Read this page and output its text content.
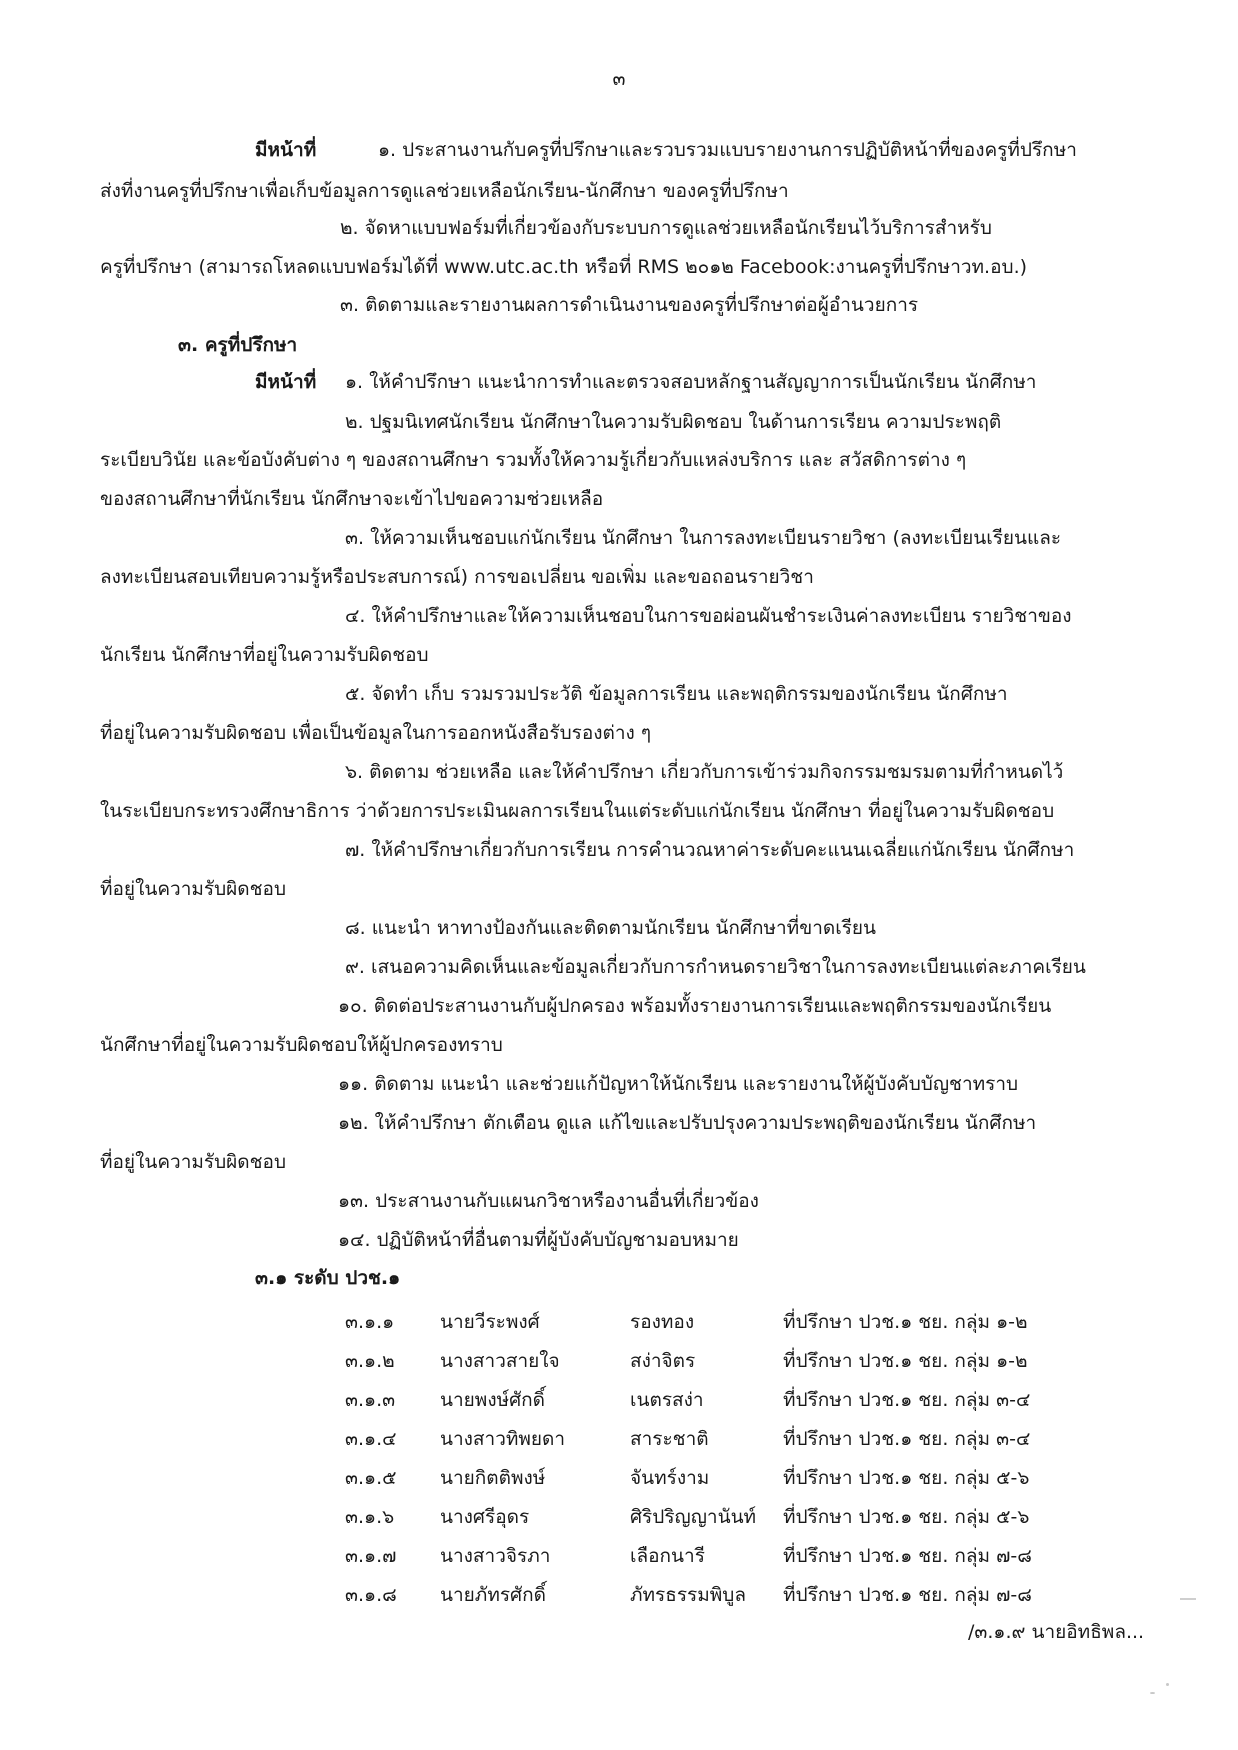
๓
มีหน้าที่	๑. ประสานงานกับครูที่ปรึกษาและรวบรวมแบบรายงานการปฏิบัติหน้าที่ของครูที่ปรึกษา
ส่งที่งานครูที่ปรึกษาเพื่อเก็บข้อมูลการดูแลช่วยเหลือนักเรียน-นักศึกษา ของครูที่ปรึกษา
๒. จัดหาแบบฟอร์มที่เกี่ยวข้องกับระบบการดูแลช่วยเหลือนักเรียนไว้บริการสำหรับ
ครูที่ปรึกษา (สามารถโหลดแบบฟอร์มได้ที่ www.utc.ac.th หรือที่ RMS ๒๐๑๒ Facebook:งานครูที่ปรึกษาวท.อบ.)
๓. ติดตามและรายงานผลการดำเนินงานของครูที่ปรึกษาต่อผู้อำนวยการ
๓. ครูที่ปรึกษา
มีหน้าที่ ๑. ให้คำปรึกษา แนะนำการทำและตรวจสอบหลักฐานสัญญาการเป็นนักเรียน นักศึกษา
๒. ปฐมนิเทศนักเรียน นักศึกษาในความรับผิดชอบ ในด้านการเรียน ความประพฤติ
ระเบียบวินัย และข้อบังคับต่าง ๆ ของสถานศึกษา รวมทั้งให้ความรู้เกี่ยวกับแหล่งบริการ และ สวัสดิการต่าง ๆ
ของสถานศึกษาที่นักเรียน นักศึกษาจะเข้าไปขอความช่วยเหลือ
๓. ให้ความเห็นชอบแก่นักเรียน นักศึกษา ในการลงทะเบียนรายวิชา (ลงทะเบียนเรียนและ
ลงทะเบียนสอบเทียบความรู้หรือประสบการณ์) การขอเปลี่ยน ขอเพิ่ม และขอถอนรายวิชา
๔. ให้คำปรึกษาและให้ความเห็นชอบในการขอผ่อนผันชำระเงินค่าลงทะเบียน รายวิชาของ
นักเรียน นักศึกษาที่อยู่ในความรับผิดชอบ
๕. จัดทำ เก็บ รวมรวมประวัติ ข้อมูลการเรียน และพฤติกรรมของนักเรียน นักศึกษา
ที่อยู่ในความรับผิดชอบ เพื่อเป็นข้อมูลในการออกหนังสือรับรองต่าง ๆ
๖. ติดตาม ช่วยเหลือ และให้คำปรึกษา เกี่ยวกับการเข้าร่วมกิจกรรมชมรมตามที่กำหนดไว้
ในระเบียบกระทรวงศึกษาธิการ ว่าด้วยการประเมินผลการเรียนในแต่ระดับแก่นักเรียน นักศึกษา ที่อยู่ในความรับผิดชอบ
๗. ให้คำปรึกษาเกี่ยวกับการเรียน การคำนวณหาค่าระดับคะแนนเฉลี่ยแก่นักเรียน นักศึกษา
ที่อยู่ในความรับผิดชอบ
๘. แนะนำ หาทางป้องกันและติดตามนักเรียน นักศึกษาที่ขาดเรียน
๙. เสนอความคิดเห็นและข้อมูลเกี่ยวกับการกำหนดรายวิชาในการลงทะเบียนแต่ละภาคเรียน
๑๐. ติดต่อประสานงานกับผู้ปกครอง พร้อมทั้งรายงานการเรียนและพฤติกรรมของนักเรียน
นักศึกษาที่อยู่ในความรับผิดชอบให้ผู้ปกครองทราบ
๑๑. ติดตาม แนะนำ และช่วยแก้ปัญหาให้นักเรียน และรายงานให้ผู้บังคับบัญชาทราบ
๑๒. ให้คำปรึกษา ตักเตือน ดูแล แก้ไขและปรับปรุงความประพฤติของนักเรียน นักศึกษา
ที่อยู่ในความรับผิดชอบ
๑๓. ประสานงานกับแผนกวิชาหรืองานอื่นที่เกี่ยวข้อง
๑๔. ปฏิบัติหน้าที่อื่นตามที่ผู้บังคับบัญชามอบหมาย
๓.๑ ระดับ ปวช.๑
๓.๑.๑ นายวีระพงศ์	รองทอง	ที่ปรึกษา ปวช.๑ ชย. กลุ่ม ๑-๒
๓.๑.๒ นางสาวสายใจ	สง่าจิตร	ที่ปรึกษา ปวช.๑ ชย. กลุ่ม ๑-๒
๓.๑.๓ นายพงษ์ศักดิ์	เนตรสง่า	ที่ปรึกษา ปวช.๑ ชย. กลุ่ม ๓-๔
๓.๑.๔ นางสาวทิพยดา	สาระชาติ	ที่ปรึกษา ปวช.๑ ชย. กลุ่ม ๓-๔
๓.๑.๕ นายกิตติพงษ์	จันทร์งาม	ที่ปรึกษา ปวช.๑ ชย. กลุ่ม ๕-๖
๓.๑.๖ นางศรีอุดร	ศิริปริญญานันท์ ที่ปรึกษา ปวช.๑ ชย. กลุ่ม ๕-๖
๓.๑.๗ นางสาวจิรภา	เลือกนารี	ที่ปรึกษา ปวช.๑ ชย. กลุ่ม ๗-๘
๓.๑.๘ นายภัทรศักดิ์	ภัทรธรรมพิบูล ที่ปรึกษา ปวช.๑ ชย. กลุ่ม ๗-๘
/๓.๑.๙ นายอิทธิพล...
